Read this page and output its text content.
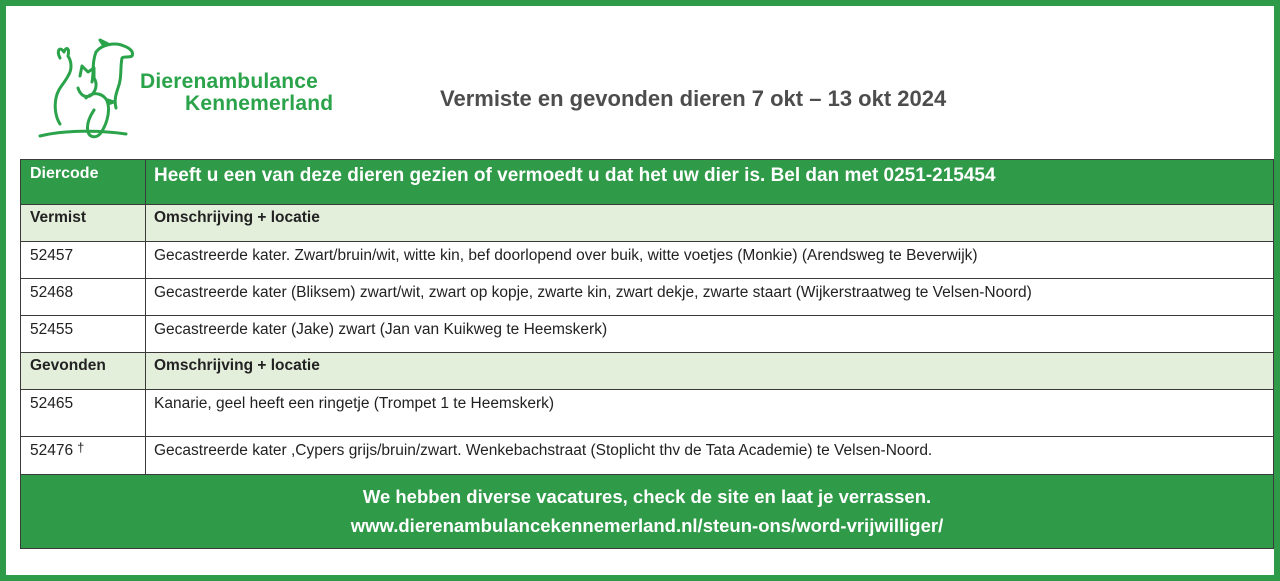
Dierenambulance
Kennemerland	Vermiste en gevonden dieren 7 okt – 13 okt 2024
Diercode	Heeft u een van deze dieren gezien of vermoedt u dat het uw dier is. Bel dan met 0251-215454
Vermist	Omschrijving + locatie
52457	Gecastreerde kater. Zwart/bruin/wit, witte kin, bef doorlopend over buik, witte voetjes (Monkie) (Arendsweg te Beverwijk)
52468	Gecastreerde kater (Bliksem) zwart/wit, zwart op kopje, zwarte kin, zwart dekje, zwarte staart (Wijkerstraatweg te Velsen-Noord)
52455	Gecastreerde kater (Jake) zwart (Jan van Kuikweg te Heemskerk)
Gevonden	Omschrijving + locatie
52465	Kanarie, geel heeft een ringetje (Trompet 1 te Heemskerk)
52476 †	Gecastreerde kater ,Cypers grijs/bruin/zwart. Wenkebachstraat (Stoplicht thv de Tata Academie) te Velsen-Noord.

We hebben diverse vacatures, check de site en laat je verrassen.
www.dierenambulancekennemerland.nl/steun-ons/word-vrijwilliger/	
